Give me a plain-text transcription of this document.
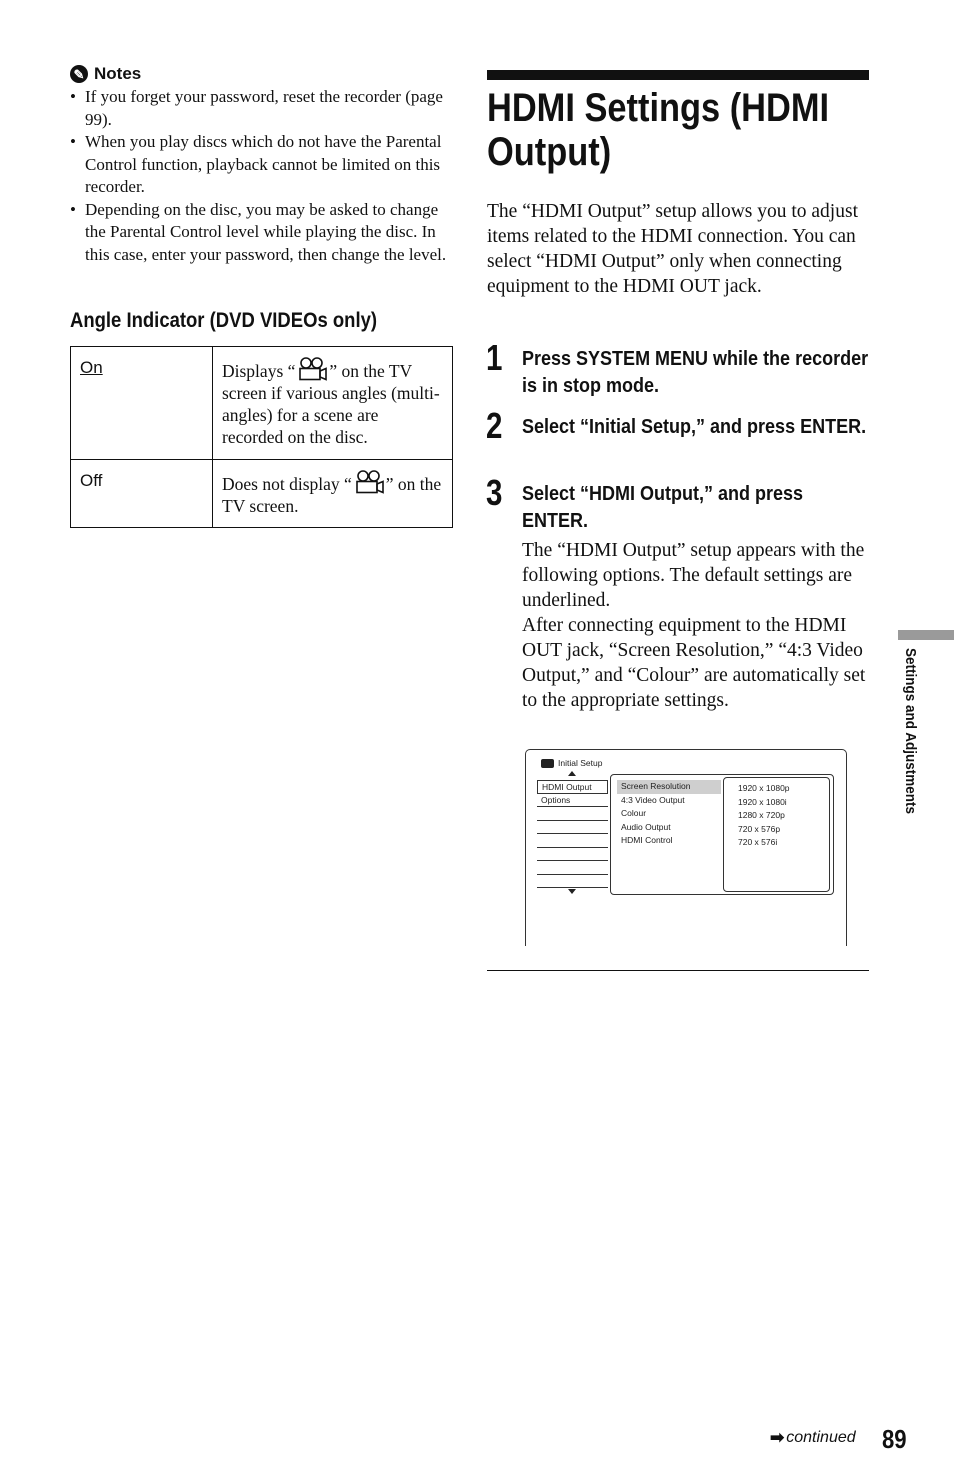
✎ Notes
• If you forget your password, reset the recorder (page 99).
• When you play discs which do not have the Parental Control function, playback cannot be limited on this recorder.
• Depending on the disc, you may be asked to change the Parental Control level while playing the disc. In this case, enter your password, then change the level.
Angle Indicator (DVD VIDEOs only)
On	Displays “ ” on the TV screen if various angles (multi-angles) for a scene are recorded on the disc.
Off	Does not display “ ” on the TV screen.
HDMI Settings (HDMI Output)

The “HDMI Output” setup allows you to adjust items related to the HDMI connection. You can select “HDMI Output” only when connecting equipment to the HDMI OUT jack.

1 Press SYSTEM MENU while the recorder is in stop mode.
2 Select “Initial Setup,” and press ENTER.
3 Select “HDMI Output,” and press ENTER.
The “HDMI Output” setup appears with the following options. The default settings are underlined.
After connecting equipment to the HDMI OUT jack, “Screen Resolution,” “4:3 Video Output,” and “Colour” are automatically set to the appropriate settings.
Initial Setup
HDMI Output
Options
Screen Resolution
4:3 Video Output
Colour
Audio Output
HDMI Control
1920 x 1080p
1920 x 1080i
1280 x 720p
720 x 576p
720 x 576i
Settings and Adjustments
➡ continued 89
